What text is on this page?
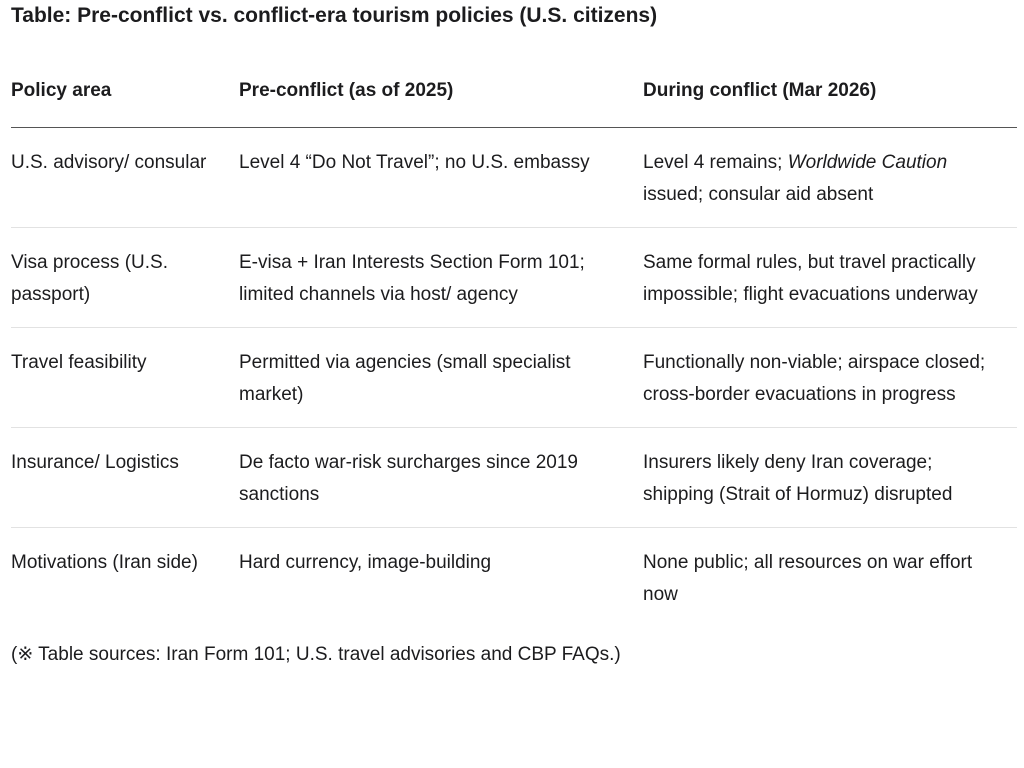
Table: Pre-conflict vs. conflict-era tourism policies (U.S. citizens)
Policy area	Pre-conflict (as of 2025)	During conflict (Mar 2026)

U.S. advisory/ consular	Level 4 “Do Not Travel”; no U.S. embassy	Level 4 remains; Worldwide Caution issued; consular aid absent

Visa process (U.S. passport)	E-visa + Iran Interests Section Form 101; limited channels via host/ agency	Same formal rules, but travel practically impossible; flight evacuations underway

Travel feasibility	Permitted via agencies (small specialist market)	Functionally non-viable; airspace closed; cross-border evacuations in progress

Insurance/ Logistics	De facto war-risk surcharges since 2019 sanctions	Insurers likely deny Iran coverage; shipping (Strait of Hormuz) disrupted

Motivations (Iran side)	Hard currency, image-building	None public; all resources on war effort now
(※ Table sources: Iran Form 101; U.S. travel advisories and CBP FAQs.)
